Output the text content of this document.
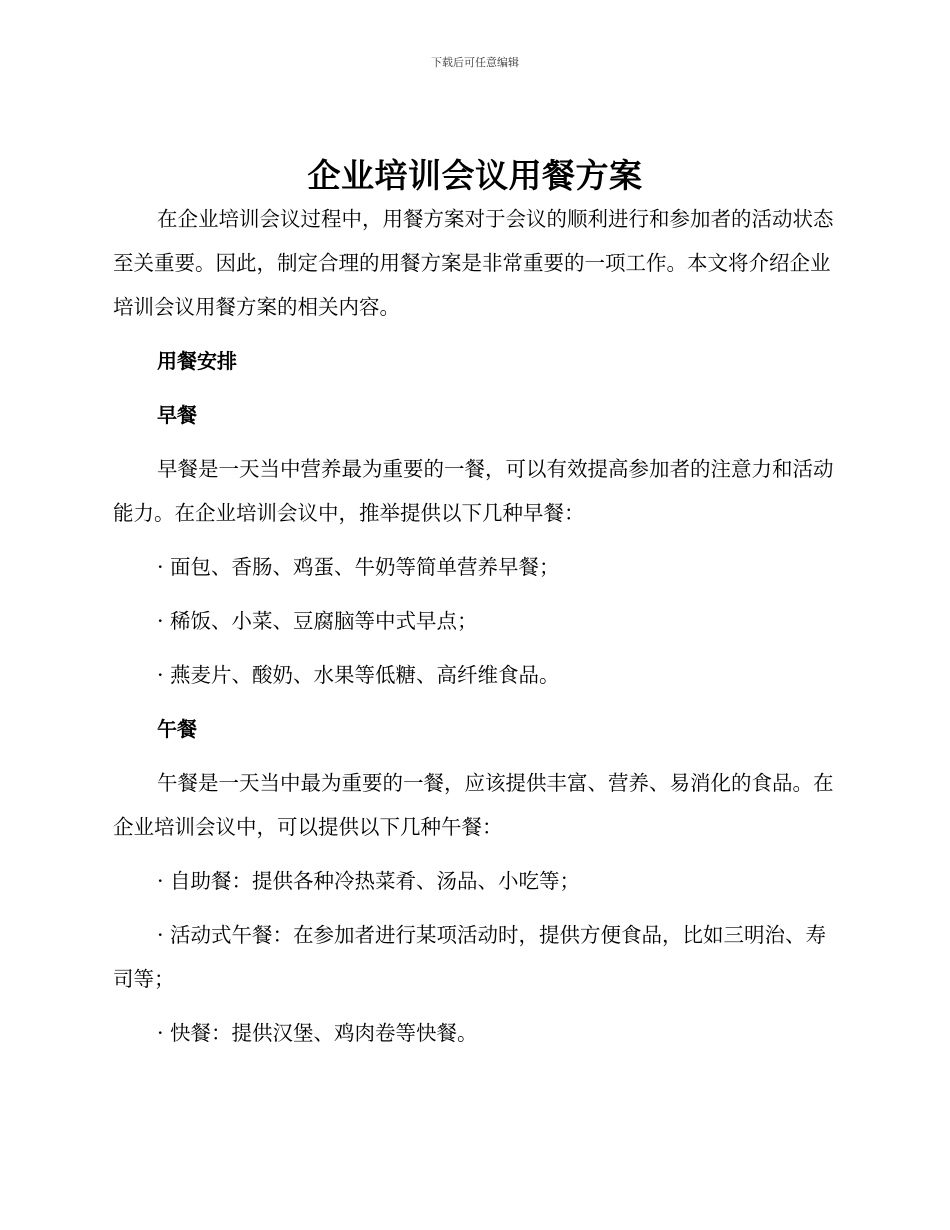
下载后可任意编辑
企业培训会议用餐方案

在企业培训会议过程中，用餐方案对于会议的顺利进行和参加者的活动状态至关重要。因此，制定合理的用餐方案是非常重要的一项工作。本文将介绍企业培训会议用餐方案的相关内容。

用餐安排
早餐

早餐是一天当中营养最为重要的一餐，可以有效提高参加者的注意力和活动能力。在企业培训会议中，推举提供以下几种早餐：

· 面包、香肠、鸡蛋、牛奶等简单营养早餐；

· 稀饭、小菜、豆腐脑等中式早点；

· 燕麦片、酸奶、水果等低糖、高纤维食品。

午餐

午餐是一天当中最为重要的一餐，应该提供丰富、营养、易消化的食品。在企业培训会议中，可以提供以下几种午餐：

· 自助餐：提供各种冷热菜肴、汤品、小吃等；

· 活动式午餐：在参加者进行某项活动时，提供方便食品，比如三明治、寿司等；

· 快餐：提供汉堡、鸡肉卷等快餐。
